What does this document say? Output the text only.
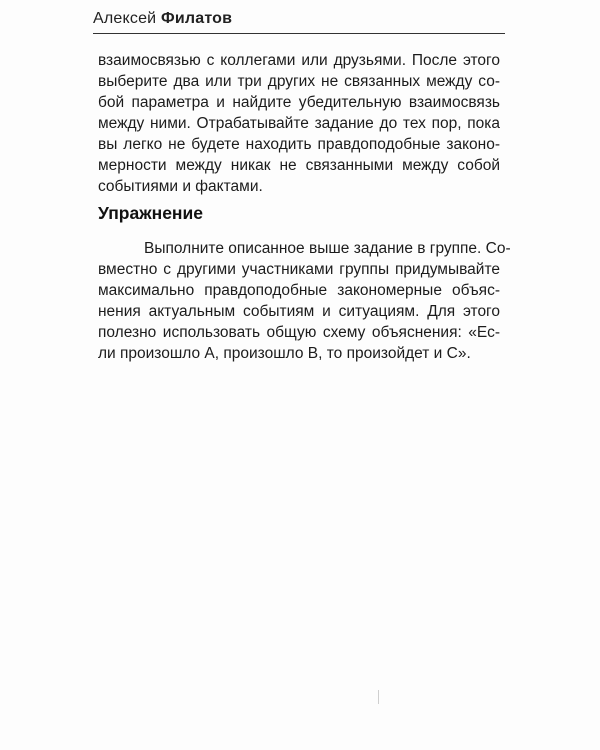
Алексей Филатов
взаимосвязью с коллегами или друзьями. После этого
выберите два или три других не связанных между со-
бой параметра и найдите убедительную взаимосвязь
между ними. Отрабатывайте задание до тех пор, пока
вы легко не будете находить правдоподобные законо-
мерности между никак не связанными между собой
событиями и фактами.
Упражнение
Выполните описанное выше задание в группе. Со-
вместно с другими участниками группы придумывайте
максимально правдоподобные закономерные объяс-
нения актуальным событиям и ситуациям. Для этого
полезно использовать общую схему объяснения: «Ес-
ли произошло А, произошло В, то произойдет и С».
